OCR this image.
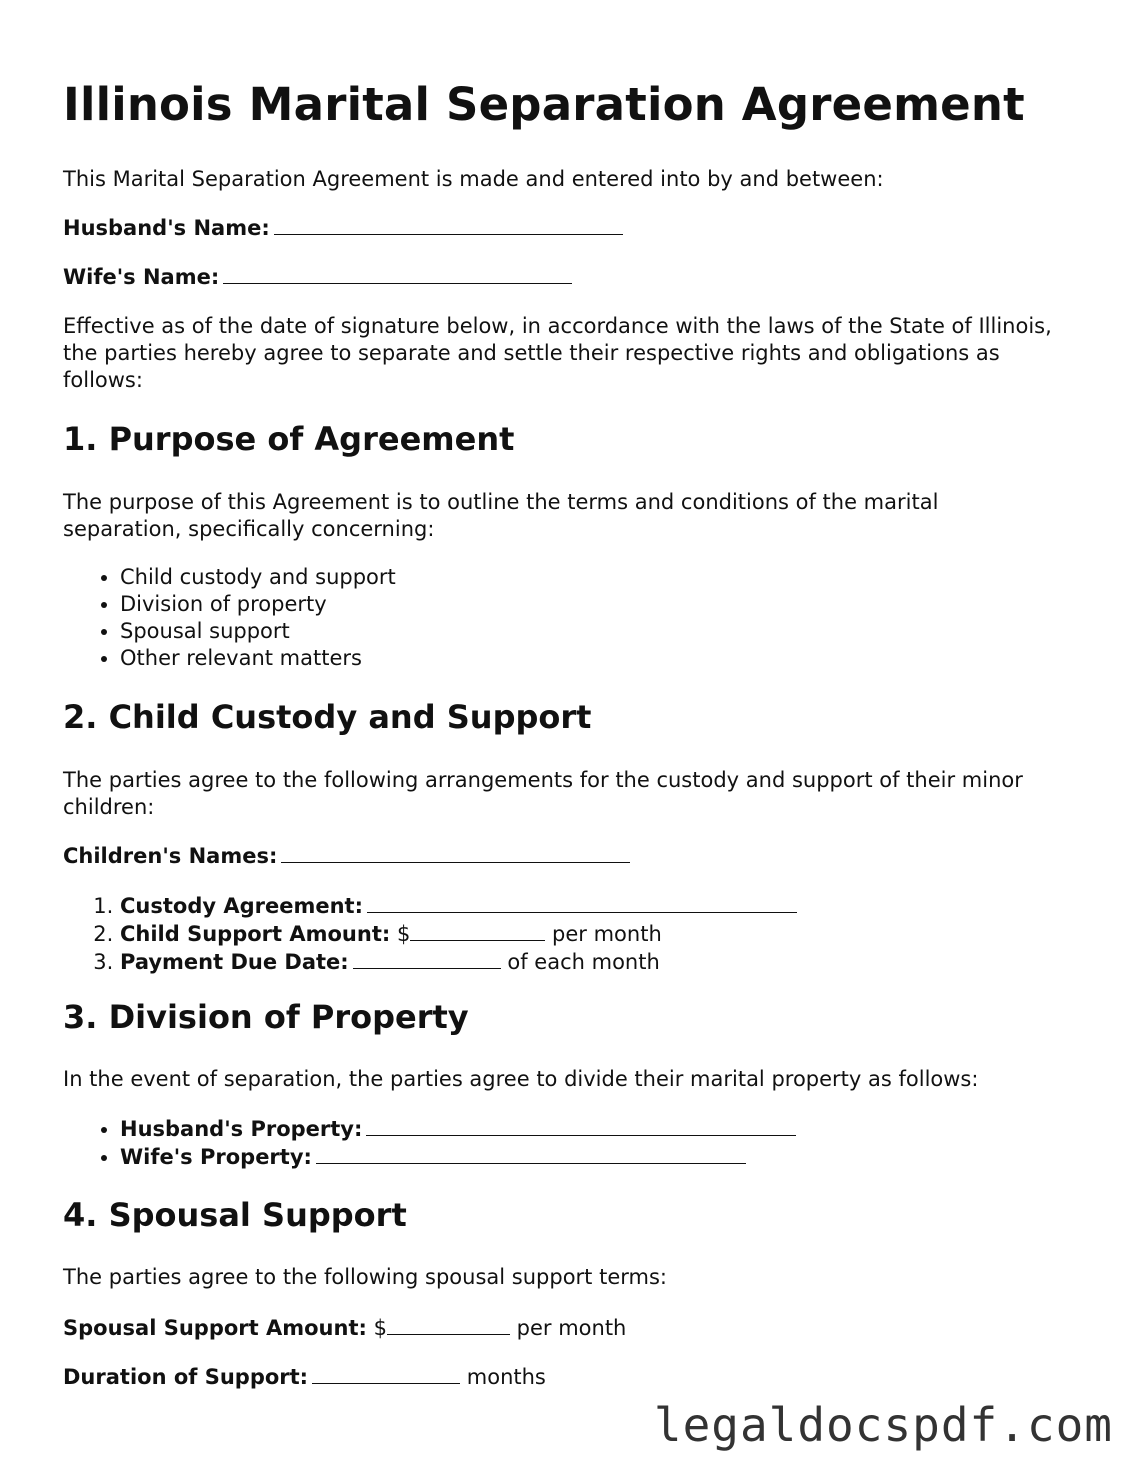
Illinois Marital Separation Agreement

This Marital Separation Agreement is made and entered into by and between:

Husband's Name:

Wife's Name:

Effective as of the date of signature below, in accordance with the laws of the State of Illinois, the parties hereby agree to separate and settle their respective rights and obligations as follows:

1. Purpose of Agreement

The purpose of this Agreement is to outline the terms and conditions of the marital separation, specifically concerning:

• Child custody and support
• Division of property
• Spousal support
• Other relevant matters
2. Child Custody and Support

The parties agree to the following arrangements for the custody and support of their minor children:

Children's Names:

1. Custody Agreement:
2. Child Support Amount: $	per month
3. Payment Due Date:	of each month
3. Division of Property

In the event of separation, the parties agree to divide their marital property as follows:

• Husband's Property:
• Wife's Property:
4. Spousal Support

The parties agree to the following spousal support terms:

Spousal Support Amount: $	per month

Duration of Support:	months

legaldocspdf.com
